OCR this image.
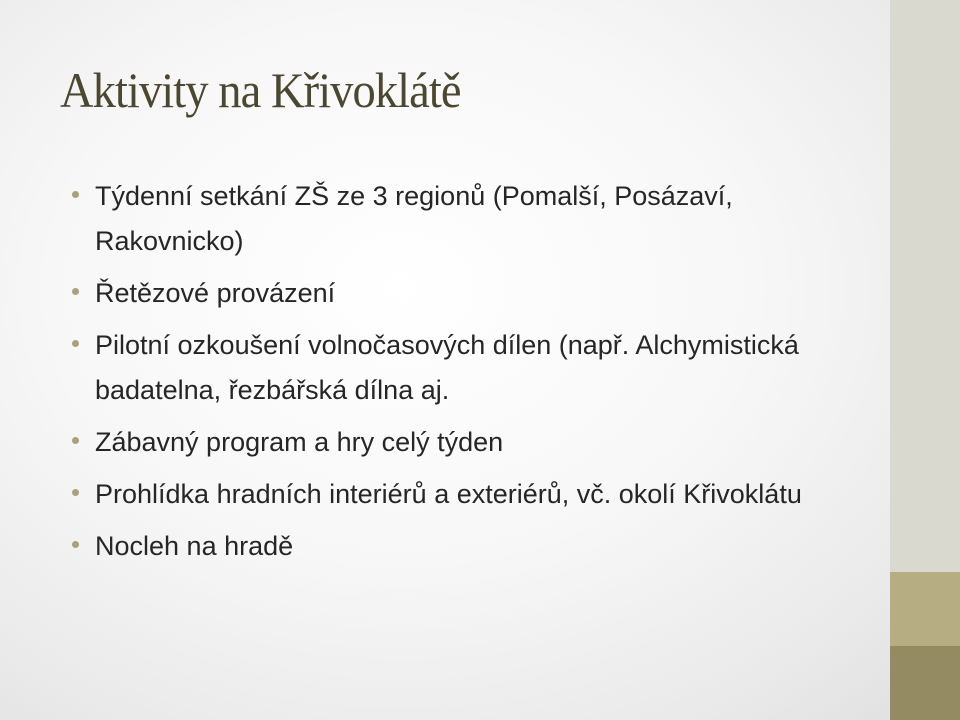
Aktivity na Křivoklátě
Týdenní setkání ZŠ ze 3 regionů (Pomalší, Posázaví, Rakovnicko)
Řetězové provázení
Pilotní ozkoušení volnočasových dílen (např. Alchymistická badatelna, řezbářská dílna aj.
Zábavný program a hry celý týden
Prohlídka hradních interiérů a exteriérů, vč. okolí Křivoklátu
Nocleh na hradě
